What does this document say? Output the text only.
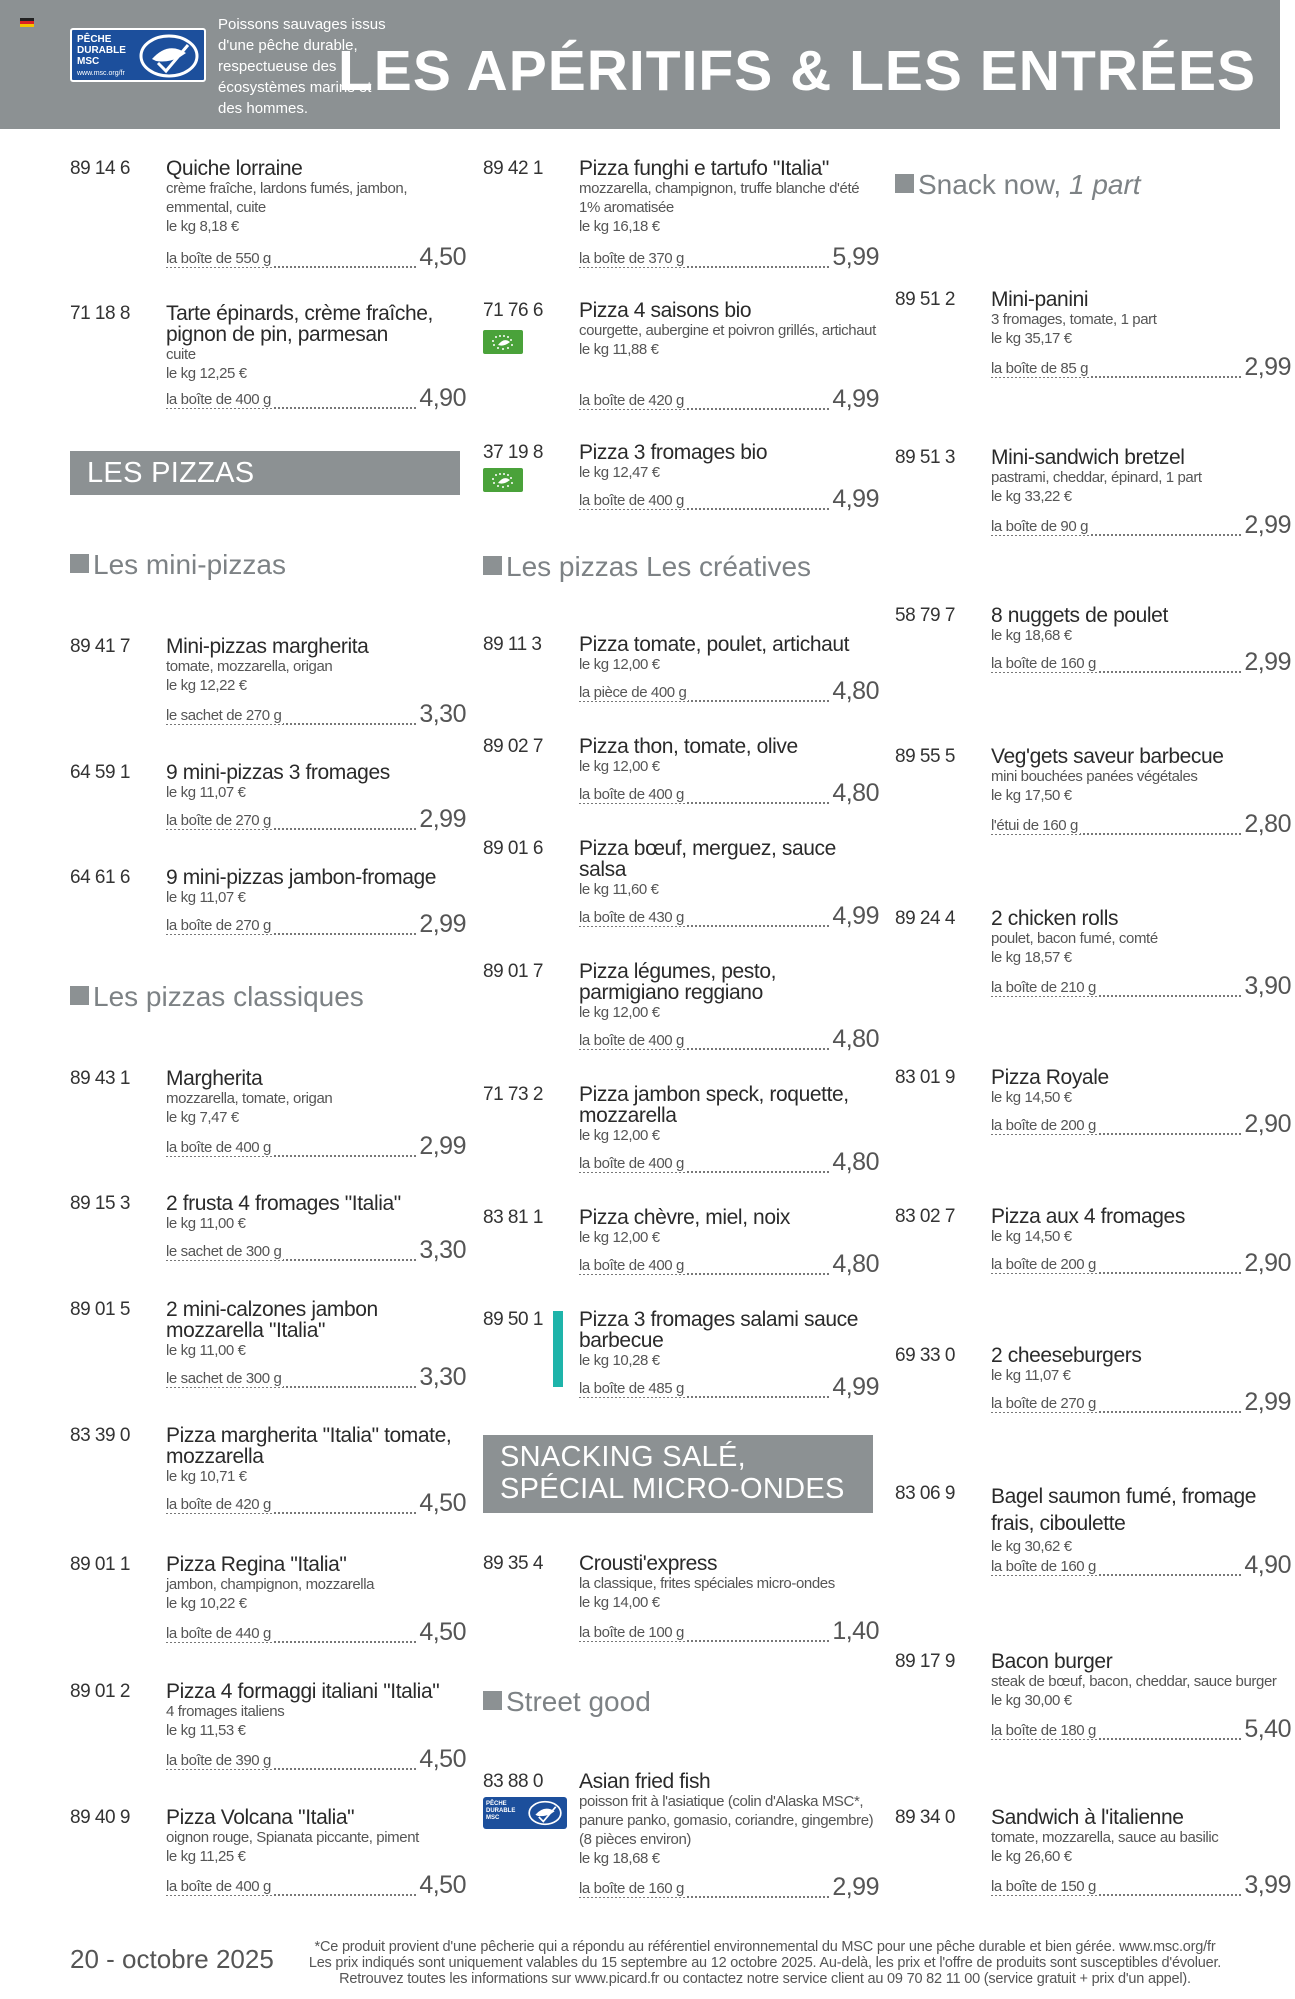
PÊCHE
DURABLE
MSC
www.msc.org/fr
Poissons sauvages issus d'une pêche durable, respectueuse des écosystèmes marins et des hommes.
LES APÉRITIFS & LES ENTRÉES
89 14 6 Quiche lorraine
crème fraîche, lardons fumés, jambon, emmental, cuite
le kg 8,18 €
la boîte de 550 g	4,50
71 18 8 Tarte épinards, crème fraîche, pignon de pin, parmesan
cuite
le kg 12,25 €
la boîte de 400 g	4,90
LES PIZZAS
Les mini-pizzas
89 41 7 Mini-pizzas margherita
tomate, mozzarella, origan
le kg 12,22 €
le sachet de 270 g	3,30
64 59 1 9 mini-pizzas 3 fromages
le kg 11,07 €
la boîte de 270 g	2,99
64 61 6 9 mini-pizzas jambon-fromage
le kg 11,07 €
la boîte de 270 g	2,99
Les pizzas classiques
89 43 1 Margherita
mozzarella, tomate, origan
le kg 7,47 €
la boîte de 400 g	2,99
89 15 3 2 frusta 4 fromages "Italia"
le kg 11,00 €
le sachet de 300 g	3,30
89 01 5 2 mini-calzones jambon mozzarella "Italia"
le kg 11,00 €
le sachet de 300 g	3,30
83 39 0 Pizza margherita "Italia" tomate, mozzarella
le kg 10,71 €
la boîte de 420 g	4,50
89 01 1 Pizza Regina "Italia"
jambon, champignon, mozzarella
le kg 10,22 €
la boîte de 440 g	4,50
89 01 2 Pizza 4 formaggi italiani "Italia"
4 fromages italiens
le kg 11,53 €
la boîte de 390 g	4,50
89 40 9 Pizza Volcana "Italia"
oignon rouge, Spianata piccante, piment
le kg 11,25 €
la boîte de 400 g	4,50
89 42 1 Pizza funghi e tartufo "Italia"
mozzarella, champignon, truffe blanche d'été 1% aromatisée
le kg 16,18 €
la boîte de 370 g	5,99
71 76 6 Pizza 4 saisons bio
courgette, aubergine et poivron grillés, artichaut
le kg 11,88 €
la boîte de 420 g	4,99
37 19 8 Pizza 3 fromages bio
le kg 12,47 €
la boîte de 400 g	4,99
Les pizzas Les créatives
89 11 3 Pizza tomate, poulet, artichaut
le kg 12,00 €
la pièce de 400 g	4,80
89 02 7 Pizza thon, tomate, olive
le kg 12,00 €
la boîte de 400 g	4,80
89 01 6 Pizza bœuf, merguez, sauce salsa
le kg 11,60 €
la boîte de 430 g	4,99
89 01 7 Pizza légumes, pesto, parmigiano reggiano
le kg 12,00 €
la boîte de 400 g	4,80
71 73 2 Pizza jambon speck, roquette, mozzarella
le kg 12,00 €
la boîte de 400 g	4,80
83 81 1 Pizza chèvre, miel, noix
le kg 12,00 €
la boîte de 400 g	4,80
89 50 1 Pizza 3 fromages salami sauce barbecue
le kg 10,28 €
la boîte de 485 g	4,99
SNACKING SALÉ,
SPÉCIAL MICRO-ONDES
89 35 4 Crousti'express
la classique, frites spéciales micro-ondes
le kg 14,00 €
la boîte de 100 g	1,40
Street good
83 88 0
PÊCHE
DURABLE
MSC
Asian fried fish
poisson frit à l'asiatique (colin d'Alaska MSC*, panure panko, gomasio, coriandre, gingembre) (8 pièces environ)
le kg 18,68 €
la boîte de 160 g	2,99
Snack now, 1 part
89 51 2 Mini-panini
3 fromages, tomate, 1 part
le kg 35,17 €
la boîte de 85 g	2,99
89 51 3 Mini-sandwich bretzel
pastrami, cheddar, épinard, 1 part
le kg 33,22 €
la boîte de 90 g	2,99
58 79 7 8 nuggets de poulet
le kg 18,68 €
la boîte de 160 g	2,99
89 55 5 Veg'gets saveur barbecue
mini bouchées panées végétales
le kg 17,50 €
l'étui de 160 g	2,80
89 24 4 2 chicken rolls
poulet, bacon fumé, comté
le kg 18,57 €
la boîte de 210 g	3,90
83 01 9 Pizza Royale
le kg 14,50 €
la boîte de 200 g	2,90
83 02 7 Pizza aux 4 fromages
le kg 14,50 €
la boîte de 200 g	2,90
69 33 0 2 cheeseburgers
le kg 11,07 €
la boîte de 270 g	2,99
83 06 9 Bagel saumon fumé, fromage frais, ciboulette
le kg 30,62 €
la boîte de 160 g	4,90
89 17 9 Bacon burger
steak de bœuf, bacon, cheddar, sauce burger
le kg 30,00 €
la boîte de 180 g	5,40
89 34 0 Sandwich à l'italienne
tomate, mozzarella, sauce au basilic
le kg 26,60 €
la boîte de 150 g	3,99
20 - octobre 2025	*Ce produit provient d'une pêcherie qui a répondu au référentiel environnemental du MSC pour une pêche durable et bien gérée. www.msc.org/fr
Les prix indiqués sont uniquement valables du 15 septembre au 12 octobre 2025. Au-delà, les prix et l'offre de produits sont susceptibles d'évoluer.
Retrouvez toutes les informations sur www.picard.fr ou contactez notre service client au 09 70 82 11 00 (service gratuit + prix d'un appel).
